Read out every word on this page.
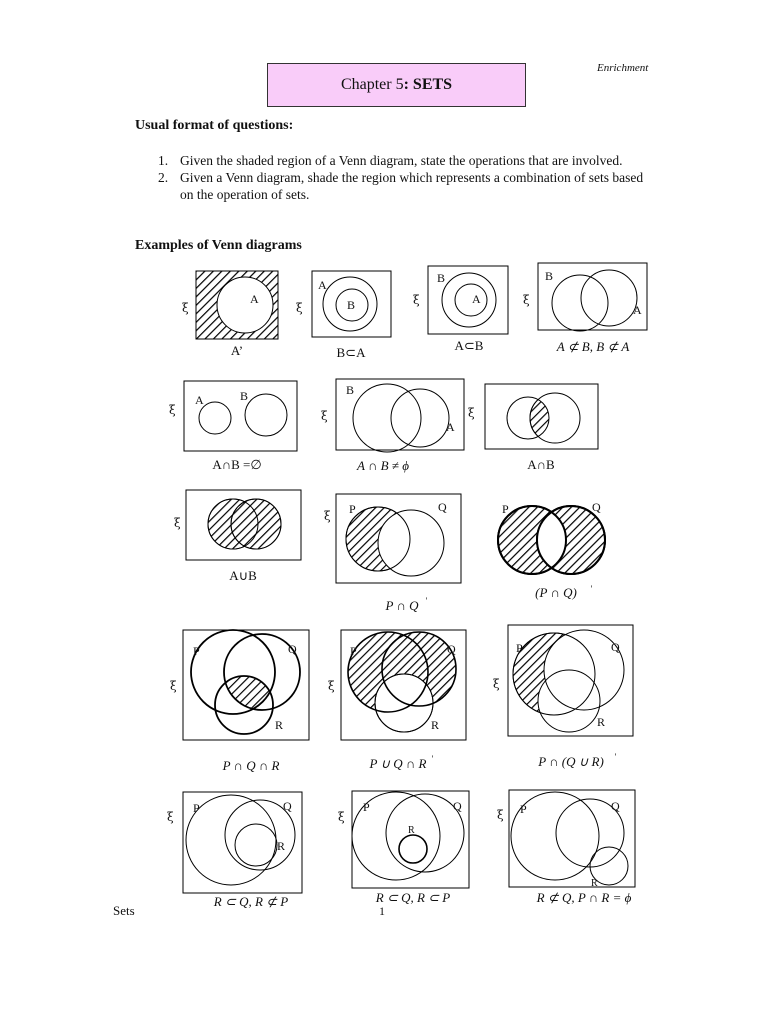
Enrichment
Chapter 5 : SETS
Usual format of questions:
1. Given the shaded region of a Venn diagram, state the operations that are involved.
2. Given a Venn diagram, shade the region which represents a combination of sets based on the operation of sets.
Examples of Venn diagrams
ξ	ξ
ξ	ξ
ξ	ξ	ξ
ξ	ξ
ξ	ξ	ξ
ξ	ξ	ξ
A
A
B
B
A
B
A
A	B	B
A
P	Q	P	Q
P	Q
R
P	Q
R
P	Q
R
P	Q
R
P	Q
R
P	Q
R
A’	B⊂A	A⊂B	A ⊄ B, B ⊄ A
A∩B =∅	A ∩ B ≠ ϕ	A∩B
A∪B
P ∩ Q '
(P ∩ Q) '
P ∩ Q ∩ R	P ∪ Q ∩ R '	P ∩ (Q ∪ R) '
R ⊂ Q, R ⊄ P	R ⊂ Q, R ⊂ P	R ⊄ Q, P ∩ R = ϕ
Sets	1
